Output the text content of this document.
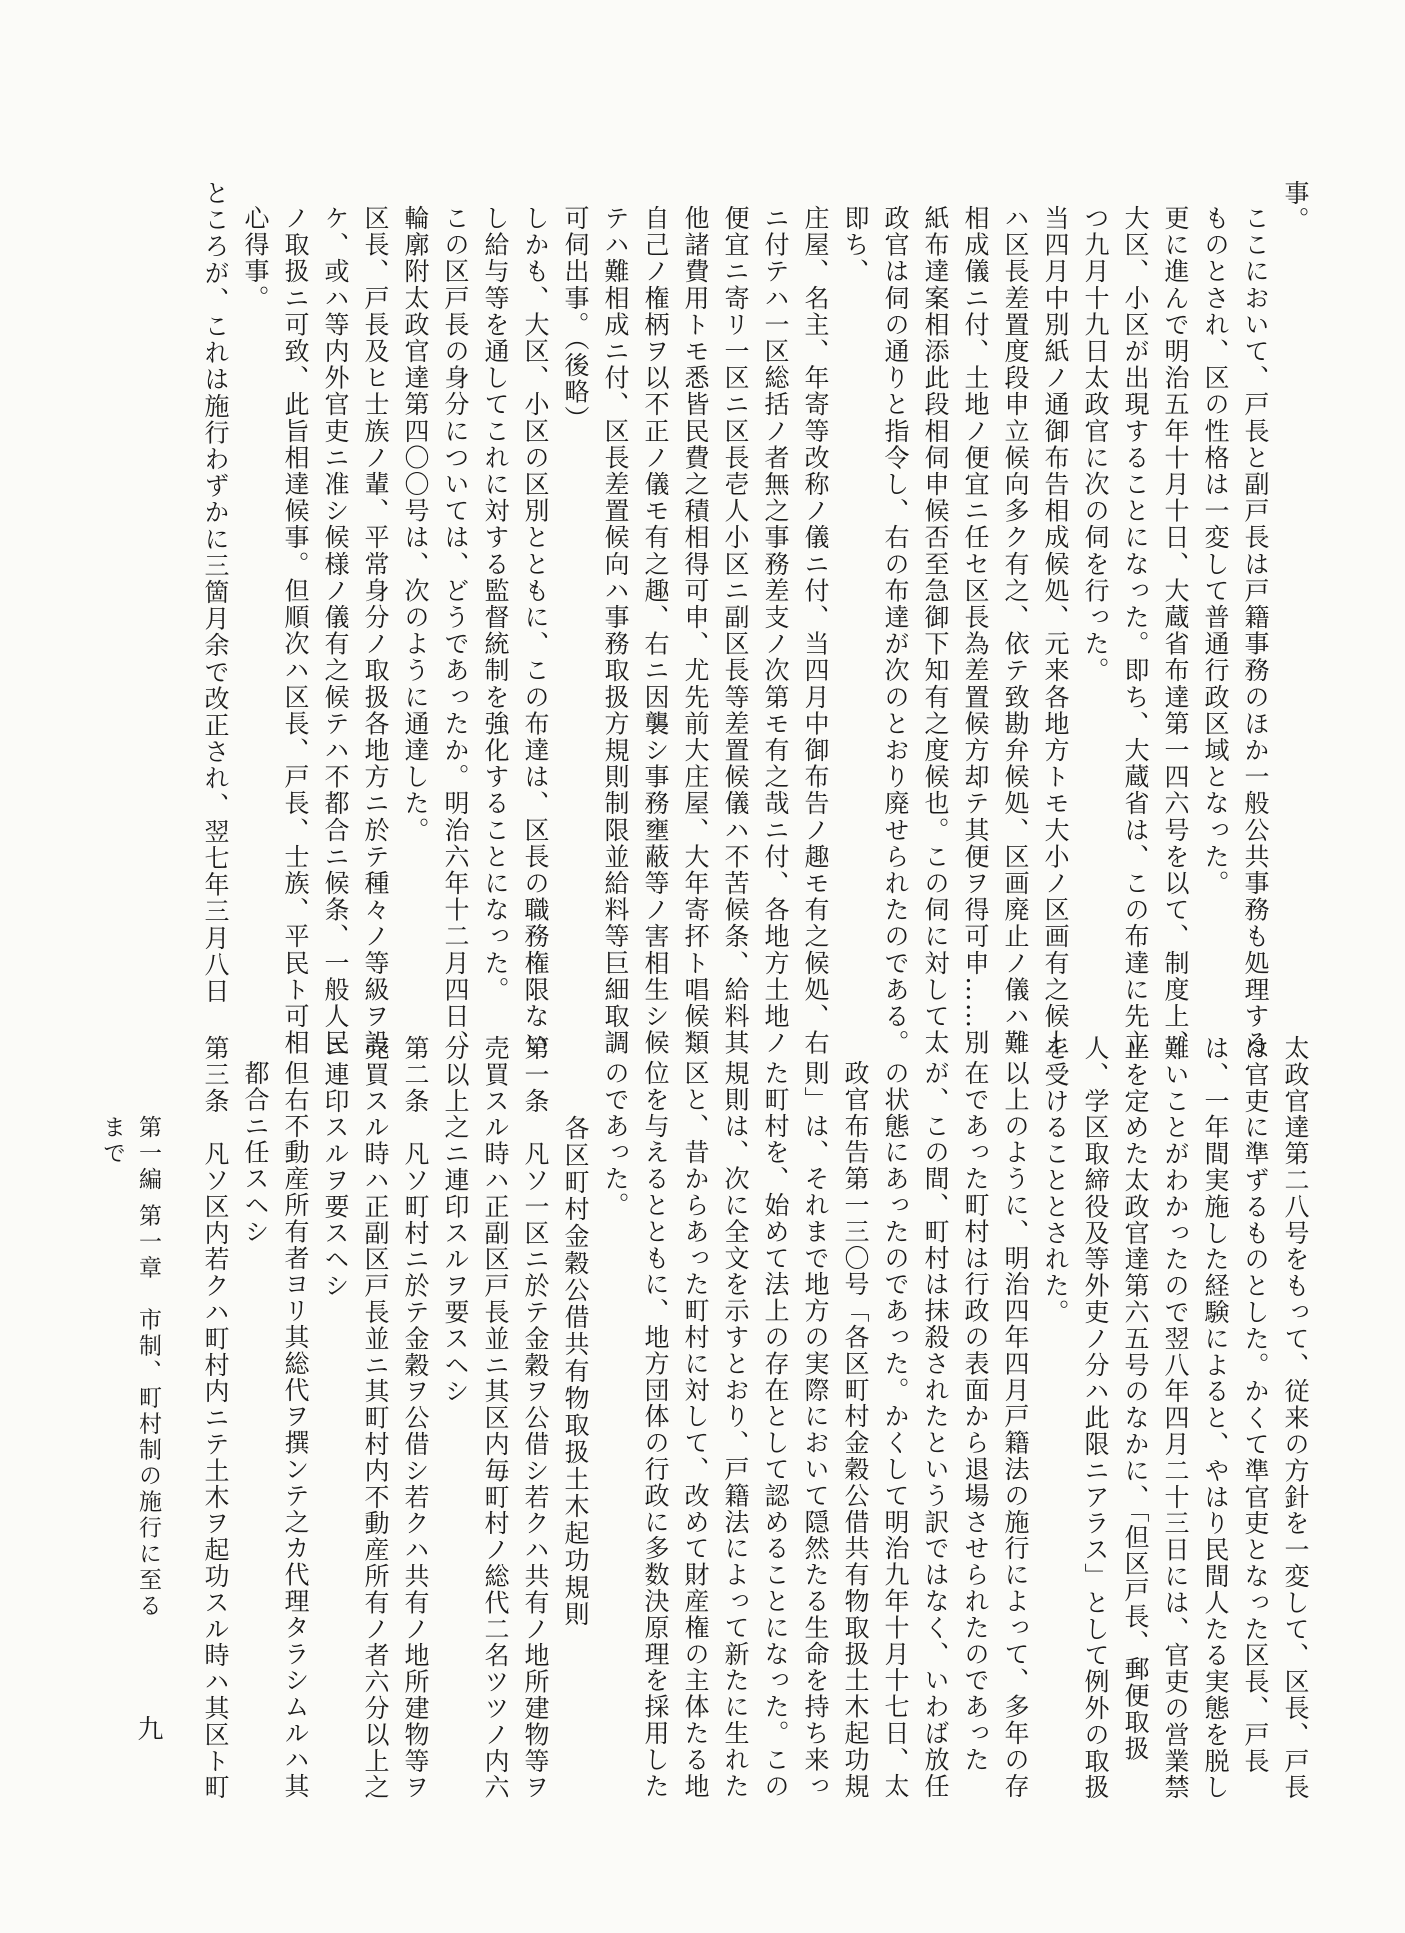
事。
ここにおいて、戸長と副戸長は戸籍事務のほか一般公共事務も処理するものとされ、区の性格は一変して普通行政区域となった。
更に進んで明治五年十月十日、大蔵省布達第一四六号を以て、制度上、大区、小区が出現することになった。即ち、大蔵省は、この布達に先立つ九月十九日太政官に次の伺を行った。
当四月中別紙ノ通御布告相成候処、元来各地方トモ大小ノ区画有之候上ハ区長差置度段申立候向多ク有之、依テ致勘弁候処、区画廃止ノ儀ハ難相成儀ニ付、土地ノ便宜ニ任セ区長為差置候方却テ其便ヲ得可申……別紙布達案相添此段相伺申候否至急御下知有之度候也。この伺に対して太政官は伺の通りと指令し、右の布達が次のとおり廃せられたのである。即ち、
庄屋、名主、年寄等改称ノ儀ニ付、当四月中御布告ノ趣モ有之候処、右ニ付テハ一区総括ノ者無之事務差支ノ次第モ有之哉ニ付、各地方土地ノ便宜ニ寄リ一区ニ区長壱人小区ニ副区長等差置候儀ハ不苦候条、給料其他諸費用トモ悉皆民費之積相得可申、尤先前大庄屋、大年寄抔ト唱候類自己ノ権柄ヲ以不正ノ儀モ有之趣、右ニ因襲シ事務壅蔽等ノ害相生シ候テハ難相成ニ付、区長差置候向ハ事務取扱方規則制限並給料等巨細取調可伺出事。（後略）
しかも、大区、小区の区別とともに、この布達は、区長の職務権限ないし給与等を通してこれに対する監督統制を強化することになった。
この区戸長の身分については、どうであったか。明治六年十二月四日、輪廓附太政官達第四〇〇号は、次のように通達した。
区長、戸長及ヒ士族ノ輩、平常身分ノ取扱各地方ニ於テ種々ノ等級ヲ設ケ、或ハ等内外官吏ニ准シ候様ノ儀有之候テハ不都合ニ候条、一般人民ノ取扱ニ可致、此旨相達候事。但順次ハ区長、戸長、士族、平民ト可相心得事。
ところが、これは施行わずかに三箇月余で改正され、翌七年三月八日
太政官達第二八号をもって、従来の方針を一変して、区長、戸長は官吏に準ずるものとした。かくて準官吏となった区長、戸長は、一年間実施した経験によると、やはり民間人たる実態を脱し難いことがわかったので翌八年四月二十三日には、官吏の営業禁止を定めた太政官達第六五号のなかに、「但区戸長、郵便取扱人、学区取締役及等外吏ノ分ハ此限ニアラス」として例外の取扱を受けることとされた。
以上のように、明治四年四月戸籍法の施行によって、多年の存在であった町村は行政の表面から退場させられたのであったが、この間、町村は抹殺されたという訳ではなく、いわば放任の状態にあったのであった。かくして明治九年十月十七日、太政官布告第一三〇号「各区町村金穀公借共有物取扱土木起功規則」は、それまで地方の実際において隠然たる生命を持ち来った町村を、始めて法上の存在として認めることになった。この規則は、次に全文を示すとおり、戸籍法によって新たに生れた区と、昔からあった町村に対して、改めて財産権の主体たる地位を与えるとともに、地方団体の行政に多数決原理を採用したのであった。
各区町村金穀公借共有物取扱土木起功規則
第一条　凡ソ一区ニ於テ金穀ヲ公借シ若クハ共有ノ地所建物等ヲ売買スル時ハ正副区戸長並ニ其区内毎町村ノ総代二名ツツノ内六分以上之ニ連印スルヲ要スヘシ
第二条　凡ソ町村ニ於テ金穀ヲ公借シ若クハ共有ノ地所建物等ヲ売買スル時ハ正副区戸長並ニ其町村内不動産所有ノ者六分以上之ニ連印スルヲ要スヘシ
但右不動産所有者ヨリ其総代ヲ撰ンテ之カ代理タラシムルハ其都合ニ任スヘシ
第三条　凡ソ区内若クハ町村内ニテ土木ヲ起功スル時ハ其区ト町
第一編 第一章　市制、町村制の施行に至るまで
九
